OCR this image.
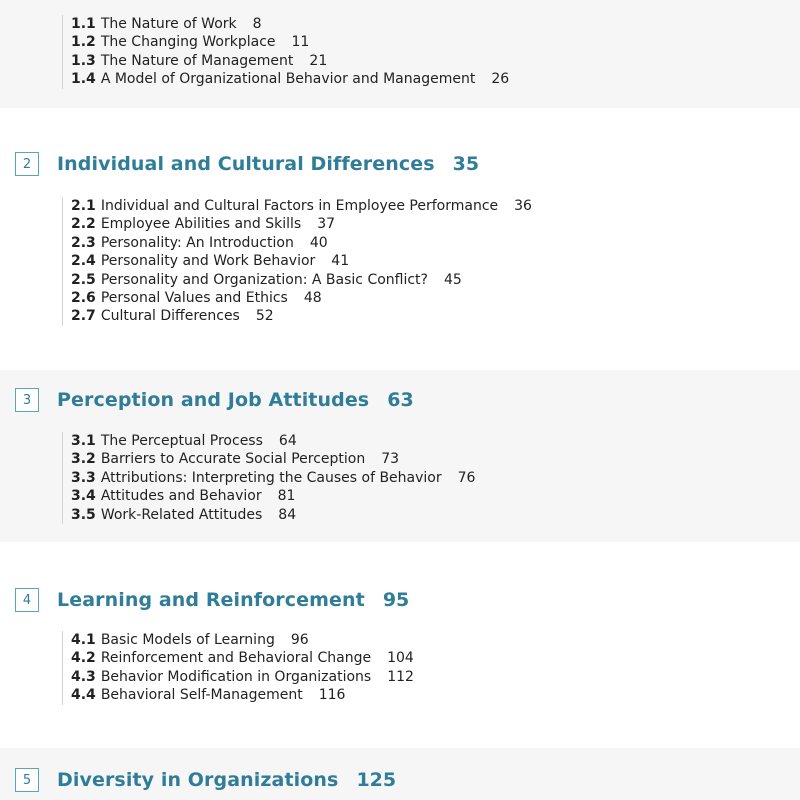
1.1 The Nature of Work 8
1.2 The Changing Workplace 11
1.3 The Nature of Management 21
1.4 A Model of Organizational Behavior and Management 26
2	Individual and Cultural Differences 35
2.1 Individual and Cultural Factors in Employee Performance 36
2.2 Employee Abilities and Skills 37
2.3 Personality: An Introduction 40
2.4 Personality and Work Behavior 41
2.5 Personality and Organization: A Basic Conflict? 45
2.6 Personal Values and Ethics 48
2.7 Cultural Differences 52
3	Perception and Job Attitudes 63
3.1 The Perceptual Process 64
3.2 Barriers to Accurate Social Perception 73
3.3 Attributions: Interpreting the Causes of Behavior 76
3.4 Attitudes and Behavior 81
3.5 Work-Related Attitudes 84
4	Learning and Reinforcement 95
4.1 Basic Models of Learning 96
4.2 Reinforcement and Behavioral Change 104
4.3 Behavior Modification in Organizations 112
4.4 Behavioral Self-Management 116
5	Diversity in Organizations 125
